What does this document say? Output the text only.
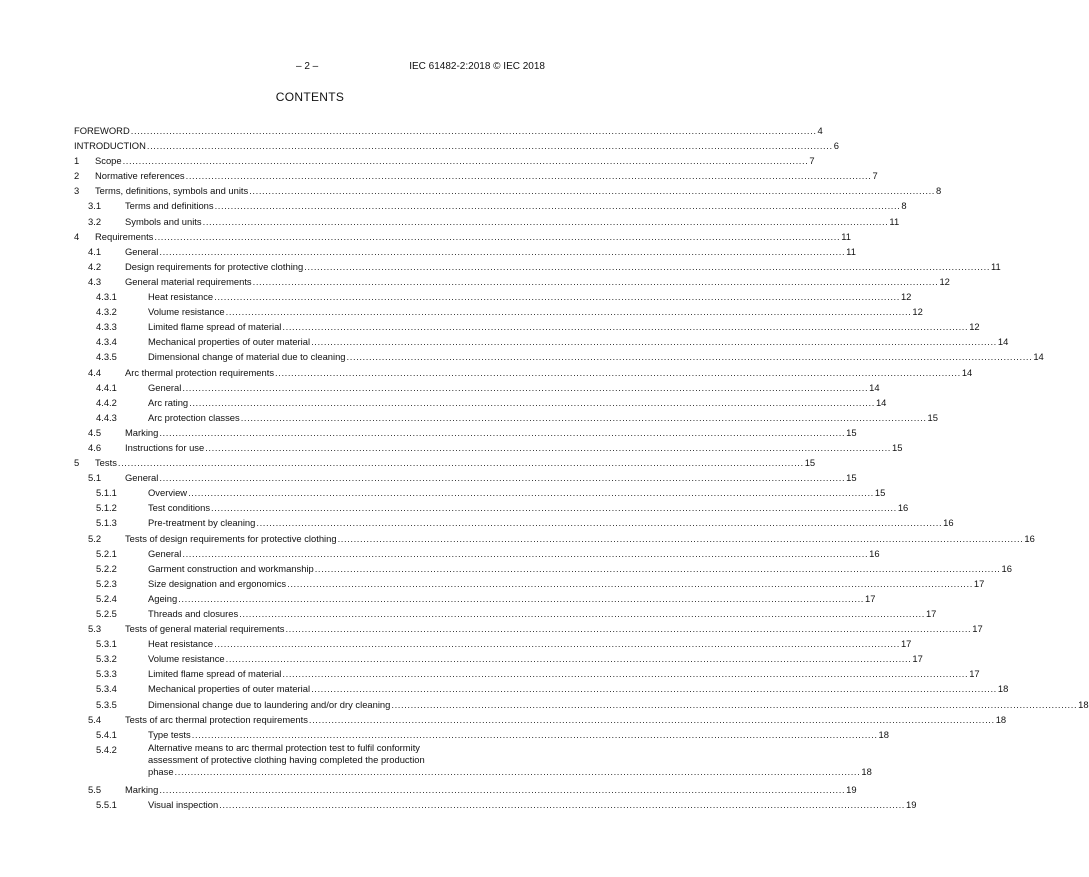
– 2 –	IEC 61482-2:2018 © IEC 2018
CONTENTS
FOREWORD .....	4
INTRODUCTION .....	6
1	Scope .....	7
2	Normative references .....	7
3	Terms, definitions, symbols and units .....	8
3.1	Terms and definitions .....	8
3.2	Symbols and units .....	11
4	Requirements .....	11
4.1	General .....	11
4.2	Design requirements for protective clothing .....	11
4.3	General material requirements .....	12
4.3.1	Heat resistance .....	12
4.3.2	Volume resistance .....	12
4.3.3	Limited flame spread of material .....	12
4.3.4	Mechanical properties of outer material .....	14
4.3.5	Dimensional change of material due to cleaning .....	14
4.4	Arc thermal protection requirements .....	14
4.4.1	General .....	14
4.4.2	Arc rating .....	14
4.4.3	Arc protection classes .....	15
4.5	Marking .....	15
4.6	Instructions for use .....	15
5	Tests .....	15
5.1	General .....	15
5.1.1	Overview .....	15
5.1.2	Test conditions .....	16
5.1.3	Pre-treatment by cleaning .....	16
5.2	Tests of design requirements for protective clothing .....	16
5.2.1	General .....	16
5.2.2	Garment construction and workmanship .....	16
5.2.3	Size designation and ergonomics .....	17
5.2.4	Ageing .....	17
5.2.5	Threads and closures .....	17
5.3	Tests of general material requirements .....	17
5.3.1	Heat resistance .....	17
5.3.2	Volume resistance .....	17
5.3.3	Limited flame spread of material .....	17
5.3.4	Mechanical properties of outer material .....	18
5.3.5	Dimensional change due to laundering and/or dry cleaning .....	18
5.4	Tests of arc thermal protection requirements .....	18
5.4.1	Type tests .....	18
5.4.2	Alternative means to arc thermal protection test to fulfil conformity
assessment of protective clothing having completed the production
phase .....	18
5.5	Marking .....	19
5.5.1	Visual inspection .....	19
